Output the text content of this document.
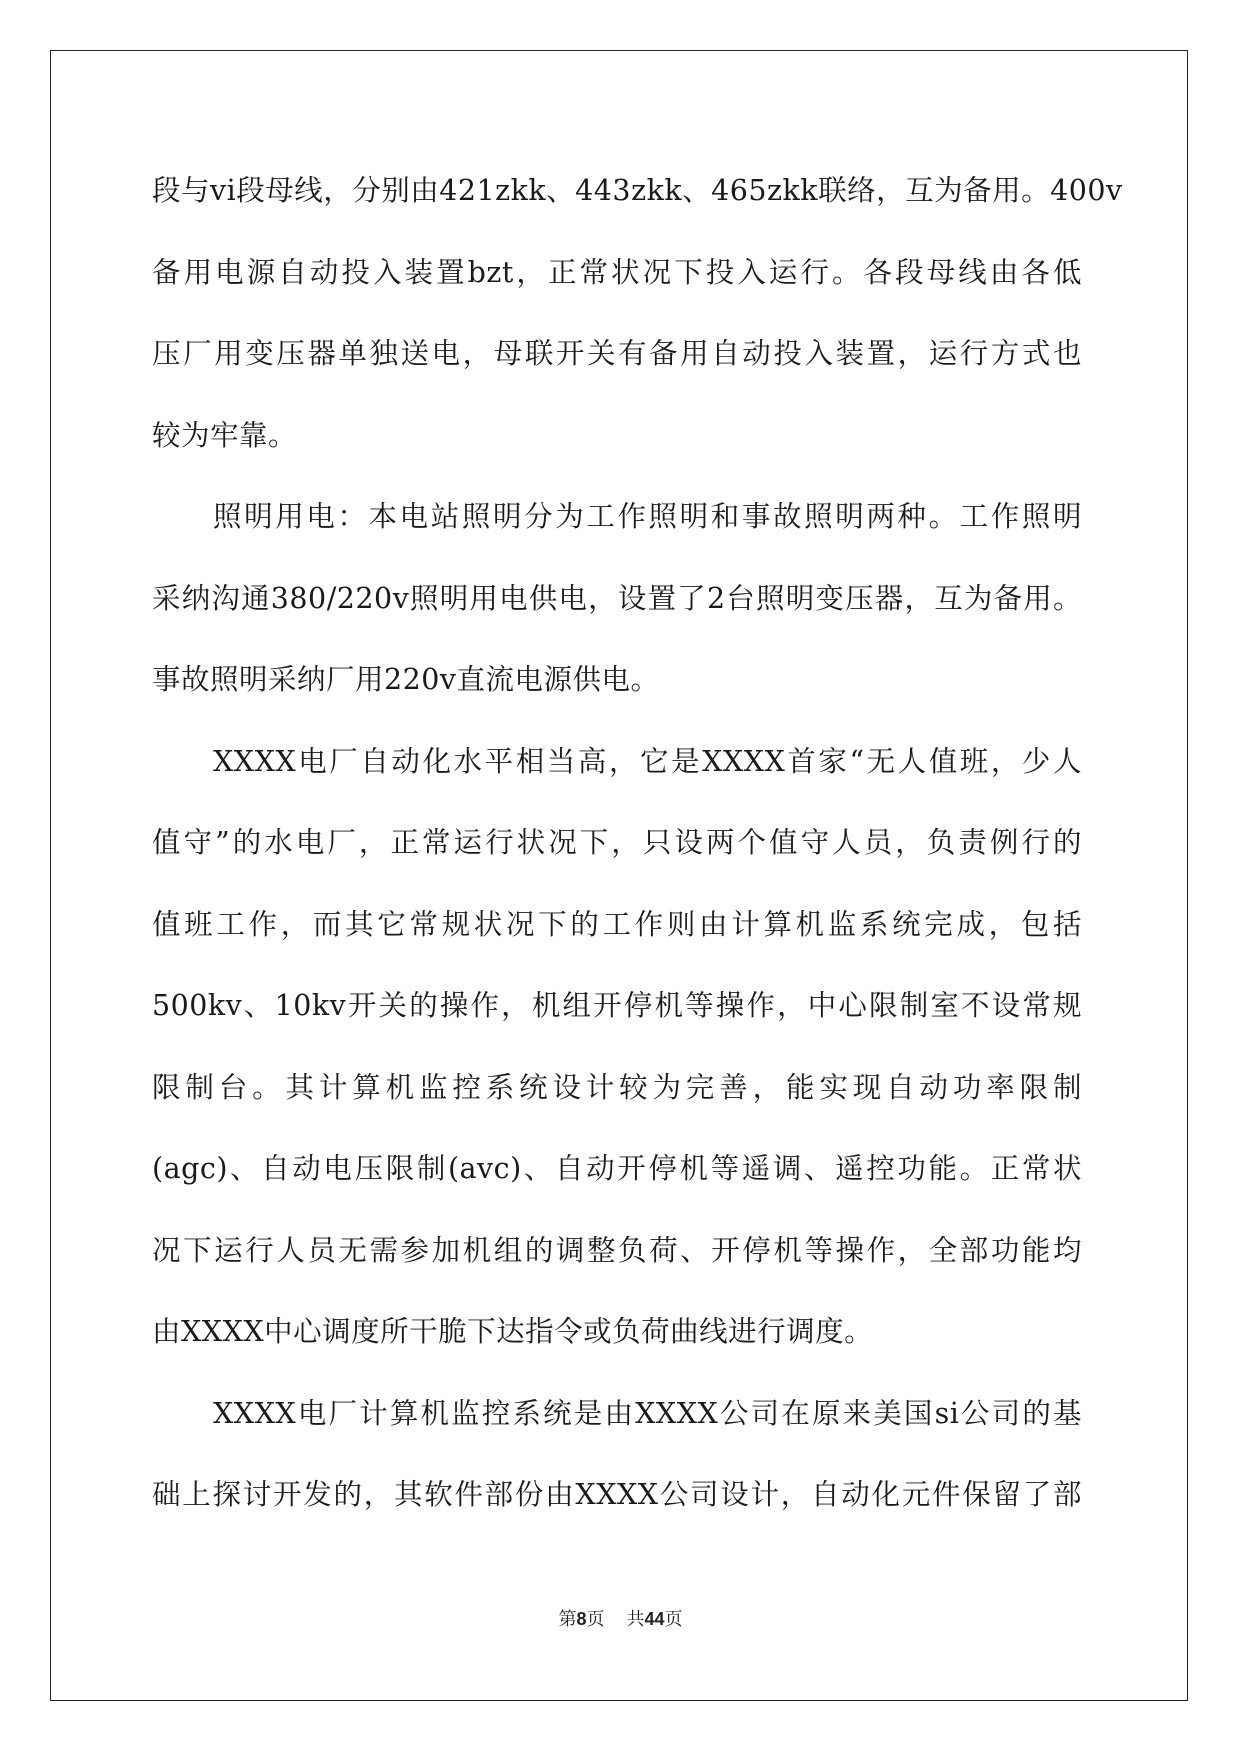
段与vi段母线，分别由421zkk、443zkk、465zkk联络，互为备用。400v
备用电源自动投入装置bzt，正常状况下投入运行。各段母线由各低
压厂用变压器单独送电，母联开关有备用自动投入装置，运行方式也
较为牢靠。
照明用电：本电站照明分为工作照明和事故照明两种。工作照明
采纳沟通380/220v照明用电供电，设置了2台照明变压器，互为备用。
事故照明采纳厂用220v直流电源供电。
XXXX电厂自动化水平相当高，它是XXXX首家“无人值班，少人
值守”的水电厂，正常运行状况下，只设两个值守人员，负责例行的
值班工作，而其它常规状况下的工作则由计算机监系统完成，包括
500kv、10kv开关的操作，机组开停机等操作，中心限制室不设常规
限制台。其计算机监控系统设计较为完善，能实现自动功率限制
(agc)、自动电压限制(avc)、自动开停机等遥调、遥控功能。正常状
况下运行人员无需参加机组的调整负荷、开停机等操作，全部功能均
由XXXX中心调度所干脆下达指令或负荷曲线进行调度。
XXXX电厂计算机监控系统是由XXXX公司在原来美国si公司的基
础上探讨开发的，其软件部份由XXXX公司设计，自动化元件保留了部
第8页 共44页
